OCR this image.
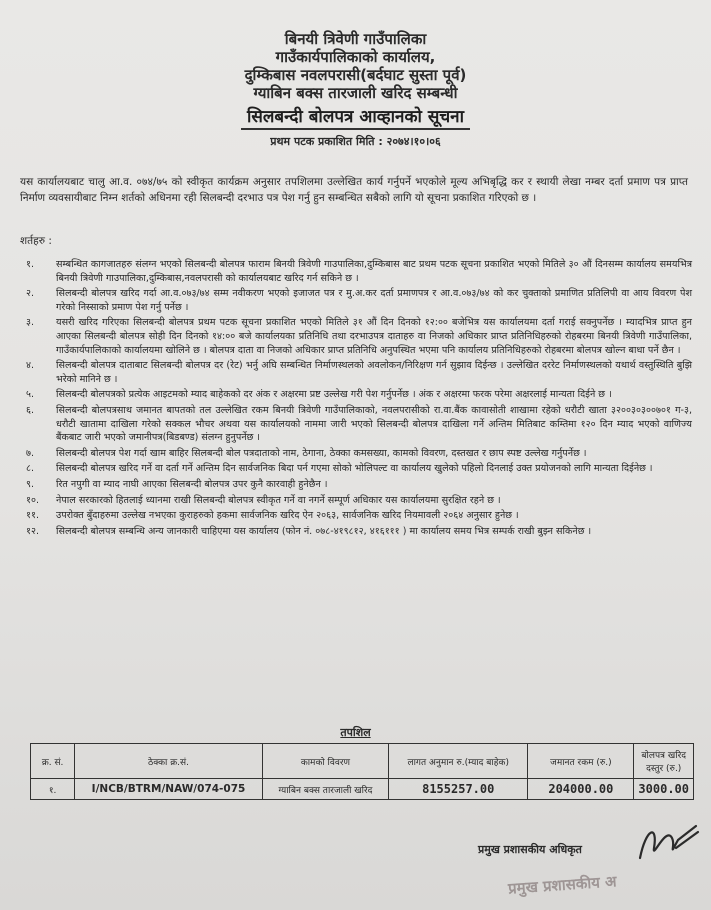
बिनयी त्रिवेणी गाउँपालिका
गाउँकार्यपालिकाको कार्यालय,
दुम्किबास नवलपरासी(बर्दघाट सुस्ता पूर्व)
ग्याबिन बक्स तारजाली खरिद सम्बन्धी
सिलबन्दी बोलपत्र आव्हानको सूचना
प्रथम पटक प्रकाशित मिति : २०७४।१०।०६
यस कार्यालयबाट चालु आ.व. ०७४/७५ को स्वीकृत कार्यक्रम अनुसार तपशिलमा उल्लेखित कार्य गर्नुपर्ने भएकोले मूल्य अभिबृद्धि कर र स्थायी लेखा नम्बर दर्ता प्रमाण पत्र प्राप्त निर्माण व्यवसायीबाट निम्न शर्तको अधिनमा रही सिलबन्दी दरभाउ पत्र पेश गर्नु हुन सम्बन्धित सबैको लागि यो सूचना प्रकाशित गरिएको छ ।
शर्तहरु :
१. सम्बन्धित कागजातहरु संलग्न भएको सिलबन्दी बोलपत्र फाराम बिनयी त्रिवेणी गाउपालिका,दुम्किबास बाट प्रथम पटक सूचना प्रकाशित भएको मितिले ३० औं दिनसम्म कार्यालय समयभित्र बिनयी त्रिवेणी गाउपालिका,दुम्किबास,नवलपरासी को कार्यालयबाट खरिद गर्न सकिने छ ।
२. सिलबन्दी बोलपत्र खरिद गर्दा आ.व.०७३/७४ सम्म नवीकरण भएको इजाजत पत्र र मु.अ.कर दर्ता प्रमाणपत्र र आ.व.०७३/७४ को कर चुक्ताको प्रमाणित प्रतिलिपी वा आय विवरण पेश गरेको निस्साको प्रमाण पेश गर्नु पर्नेछ ।
३. यसरी खरिद गरिएका सिलबन्दी बोलपत्र प्रथम पटक सूचना प्रकाशित भएको मितिले ३१ औं दिन दिनको १२:०० बजेभित्र यस कार्यालयमा दर्ता गराई सक्नुपर्नेछ । म्यादभित्र प्राप्त हुन आएका सिलबन्दी बोलपत्र सोही दिन दिनको १४:०० बजे कार्यालयका प्रतिनिधि तथा दरभाउपत्र दाताहरु वा निजको अधिकार प्राप्त प्रतिनिधिहरुको रोहबरमा बिनयी त्रिवेणी गाउँपालिका, गाउँकार्यपालिकाको कार्यालयमा खोलिने छ । बोलपत्र दाता वा निजको अधिकार प्राप्त प्रतिनिधि अनुपस्थित भएमा पनि कार्यालय प्रतिनिधिहरुको रोहबरमा बोलपत्र खोल्न बाधा पर्ने छैन ।
४. सिलबन्दी बोलपत्र दाताबाट सिलबन्दी बोलपत्र दर (रेट) भर्नु अघि सम्बन्धित निर्माणस्थलको अवलोकन/निरिक्षण गर्न सुझाव दिईन्छ । उल्लेखित दररेट निर्माणस्थलको यथार्थ वस्तुस्थिति बुझि भरेको मानिने छ ।
५. सिलबन्दी बोलपत्रको प्रत्येक आइटमको म्याद बाहेकको दर अंक र अक्षरमा प्रष्ट उल्लेख गरी पेश गर्नुपर्नेछ । अंक र अक्षरमा फरक परेमा अक्षरलाई मान्यता दिईने छ ।
६. सिलबन्दी बोलपत्रसाथ जमानत बापतको तल उल्लेखित रकम बिनयी त्रिवेणी गाउँपालिकाको, नवलपरासीको रा.वा.बैंक कावासोती शाखामा रहेको धरौटी खाता ३२००३०३००७०१ ग-३, धरौटी खातामा दाखिला गरेको सक्कल भौचर अथवा यस कार्यालयको नाममा जारी भएको सिलबन्दी बोलपत्र दाखिला गर्ने अन्तिम मितिबाट कम्तिमा १२० दिन म्याद भएको वाणिज्य बैंकबाट जारी भएको जमानीपत्र(बिडबण्ड) संलग्न हुनुपर्नेछ ।
७. सिलबन्दी बोलपत्र पेश गर्दा खाम बाहिर सिलबन्दी बोल पत्रदाताको नाम, ठेगाना, ठेक्का कमसख्या, कामको विवरण, दस्तखत र छाप स्पष्ट उल्लेख गर्नुपर्नेछ ।
८. सिलबन्दी बोलपत्र खरिद गर्ने वा दर्ता गर्ने अन्तिम दिन सार्वजनिक बिदा पर्न गएमा सोको भोलिपल्ट वा कार्यालय खुलेको पहिलो दिनलाई उक्त प्रयोजनको लागि मान्यता दिईनेछ ।
९. रित नपुगी वा म्याद नाघी आएका सिलबन्दी बोलपत्र उपर कुनै कारवाही हुनेछैन ।
१०. नेपाल सरकारको हितलाई ध्यानमा राखी सिलबन्दी बोलपत्र स्वीकृत गर्ने वा नगर्ने सम्पूर्ण अधिकार यस कार्यालयमा सुरक्षित रहने छ ।
११. उपरोक्त बुँदाहरुमा उल्लेख नभएका कुराहरुको हकमा सार्वजनिक खरिद ऐन २०६३, सार्वजनिक खरिद नियमावली २०६४ अनुसार हुनेछ ।
१२. सिलबन्दी बोलपत्र सम्बन्धि अन्य जानकारी चाहिएमा यस कार्यालय (फोन नं. ०७८-४१९८१२, ४१६१११ ) मा कार्यालय समय भित्र सम्पर्क राखी बुझ्न सकिनेछ ।
तपशिल
क्र. सं.	ठेक्का क्र.सं.	कामको विवरण	लागत अनुमान रु.(म्याद बाहेक)	जमानत रकम (रु.)	बोलपत्र खरिद दस्तुर (रु.)
१.	I/NCB/BTRM/NAW/074-075	ग्याबिन बक्स तारजाली खरिद	8155257.00	204000.00	3000.00
प्रमुख प्रशासकीय अधिकृत
प्रमुख प्रशासकीय अ
